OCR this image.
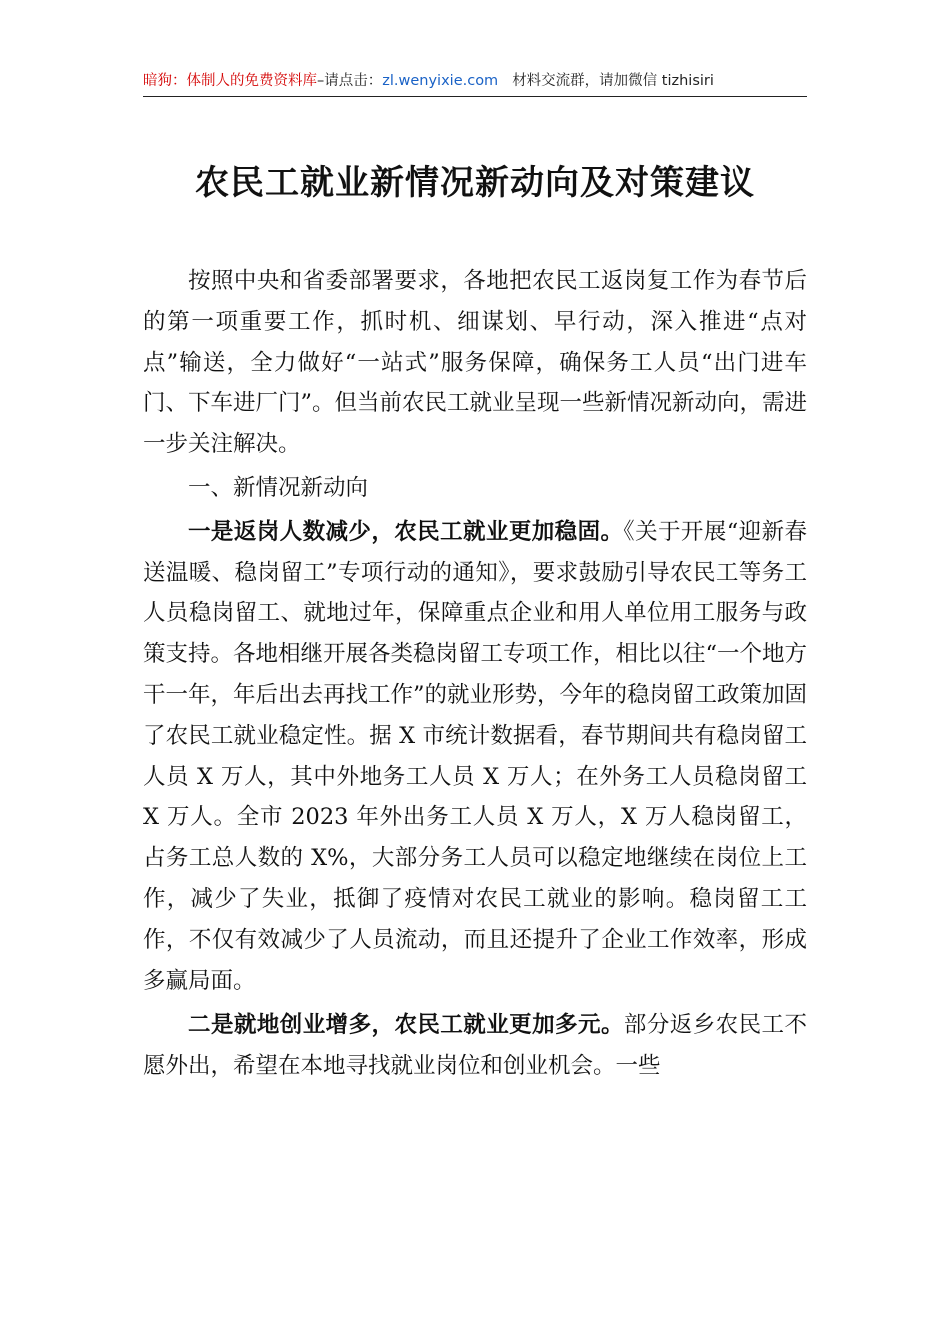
暗狗：体制人的免费资料库–请点击：zl.wenyixie.com 材料交流群，请加微信 tizhisiri
农民工就业新情况新动向及对策建议

按照中央和省委部署要求，各地把农民工返岗复工作为春节后的第一项重要工作，抓时机、细谋划、早行动，深入推进“点对点”输送，全力做好“一站式”服务保障，确保务工人员“出门进车门、下车进厂门”。但当前农民工就业呈现一些新情况新动向，需进一步关注解决。

一、新情况新动向

一是返岗人数减少，农民工就业更加稳固。《关于开展“迎新春送温暖、稳岗留工”专项行动的通知》，要求鼓励引导农民工等务工人员稳岗留工、就地过年，保障重点企业和用人单位用工服务与政策支持。各地相继开展各类稳岗留工专项工作，相比以往“一个地方干一年，年后出去再找工作”的就业形势，今年的稳岗留工政策加固了农民工就业稳定性。据 X 市统计数据看，春节期间共有稳岗留工人员 X 万人，其中外地务工人员 X 万人；在外务工人员稳岗留工 X 万人。全市 2023 年外出务工人员 X 万人，X 万人稳岗留工，占务工总人数的 X%，大部分务工人员可以稳定地继续在岗位上工作，减少了失业，抵御了疫情对农民工就业的影响。稳岗留工工作，不仅有效减少了人员流动，而且还提升了企业工作效率，形成多赢局面。

二是就地创业增多，农民工就业更加多元。部分返乡农民工不愿外出，希望在本地寻找就业岗位和创业机会。一些
